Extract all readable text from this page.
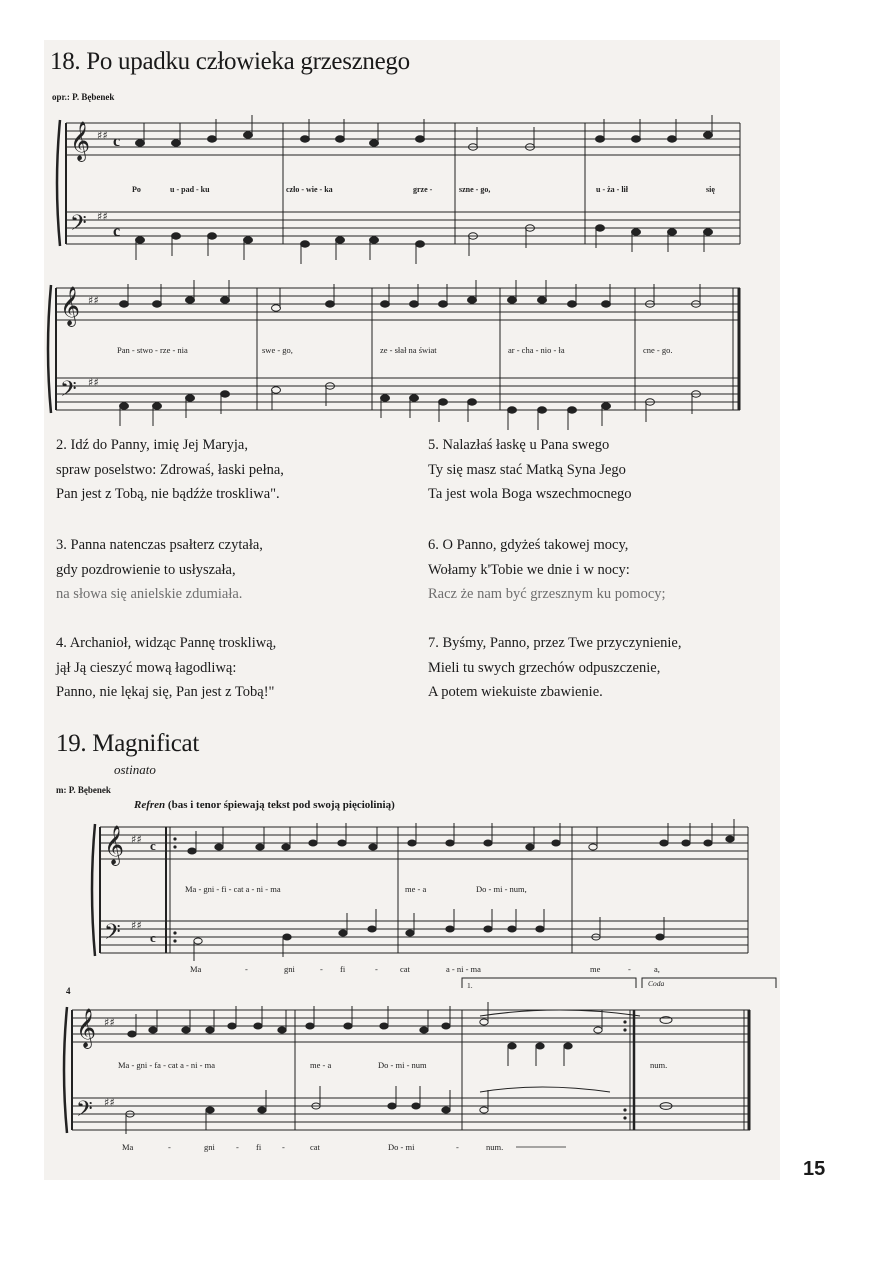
18. Po upadku człowieka grzesznego
opr.: P. Bębenek
𝄞
𝄢
♯♯
♯♯
c
c
Po	u - pad - ku	czło - wie - ka	grze -	szne - go,	u - ża - lił	się
𝄞
𝄢
♯♯
♯♯
Pan - stwo - rze - nia	swe - go,	ze - słał na świat	ar - cha - nio - ła	cne - go.
2. Idź do Panny, imię Jej Maryja,
spraw poselstwo: Zdrowaś, łaski pełna,
Pan jest z Tobą, nie bądźże troskliwa".
3. Panna natenczas psałterz czytała,
gdy pozdrowienie to usłyszała,
na słowa się anielskie zdumiała.
4. Archanioł, widząc Pannę troskliwą,
jął Ją cieszyć mową łagodliwą:
Panno, nie lękaj się, Pan jest z Tobą!"
5. Nalazłaś łaskę u Pana swego
Ty się masz stać Matką Syna Jego
Ta jest wola Boga wszechmocnego
6. O Panno, gdyżeś takowej mocy,
Wołamy k'Tobie we dnie i w nocy:
Racz że nam być grzesznym ku pomocy;
7. Byśmy, Panno, przez Twe przyczynienie,
Mieli tu swych grzechów odpuszczenie,
A potem wiekuiste zbawienie.
19. Magnificat
ostinato
m: P. Bębenek
Refren (bas i tenor śpiewają tekst pod swoją pięciolinią)
𝄞
𝄢
♯♯
♯♯
c
c
Ma - gni - fi - cat a - ni - ma	me - a	Do - mi - num,
Ma	-	gni	- fi	-	cat	a - ni - ma	me	-	a,
4
1.	Coda
𝄞
𝄢
♯♯
♯♯
Ma - gni - fa - cat a - ni - ma	me - a	Do - mi - num	num.
Ma	-	gni - fi -	cat	Do - mi	-	num.
15
